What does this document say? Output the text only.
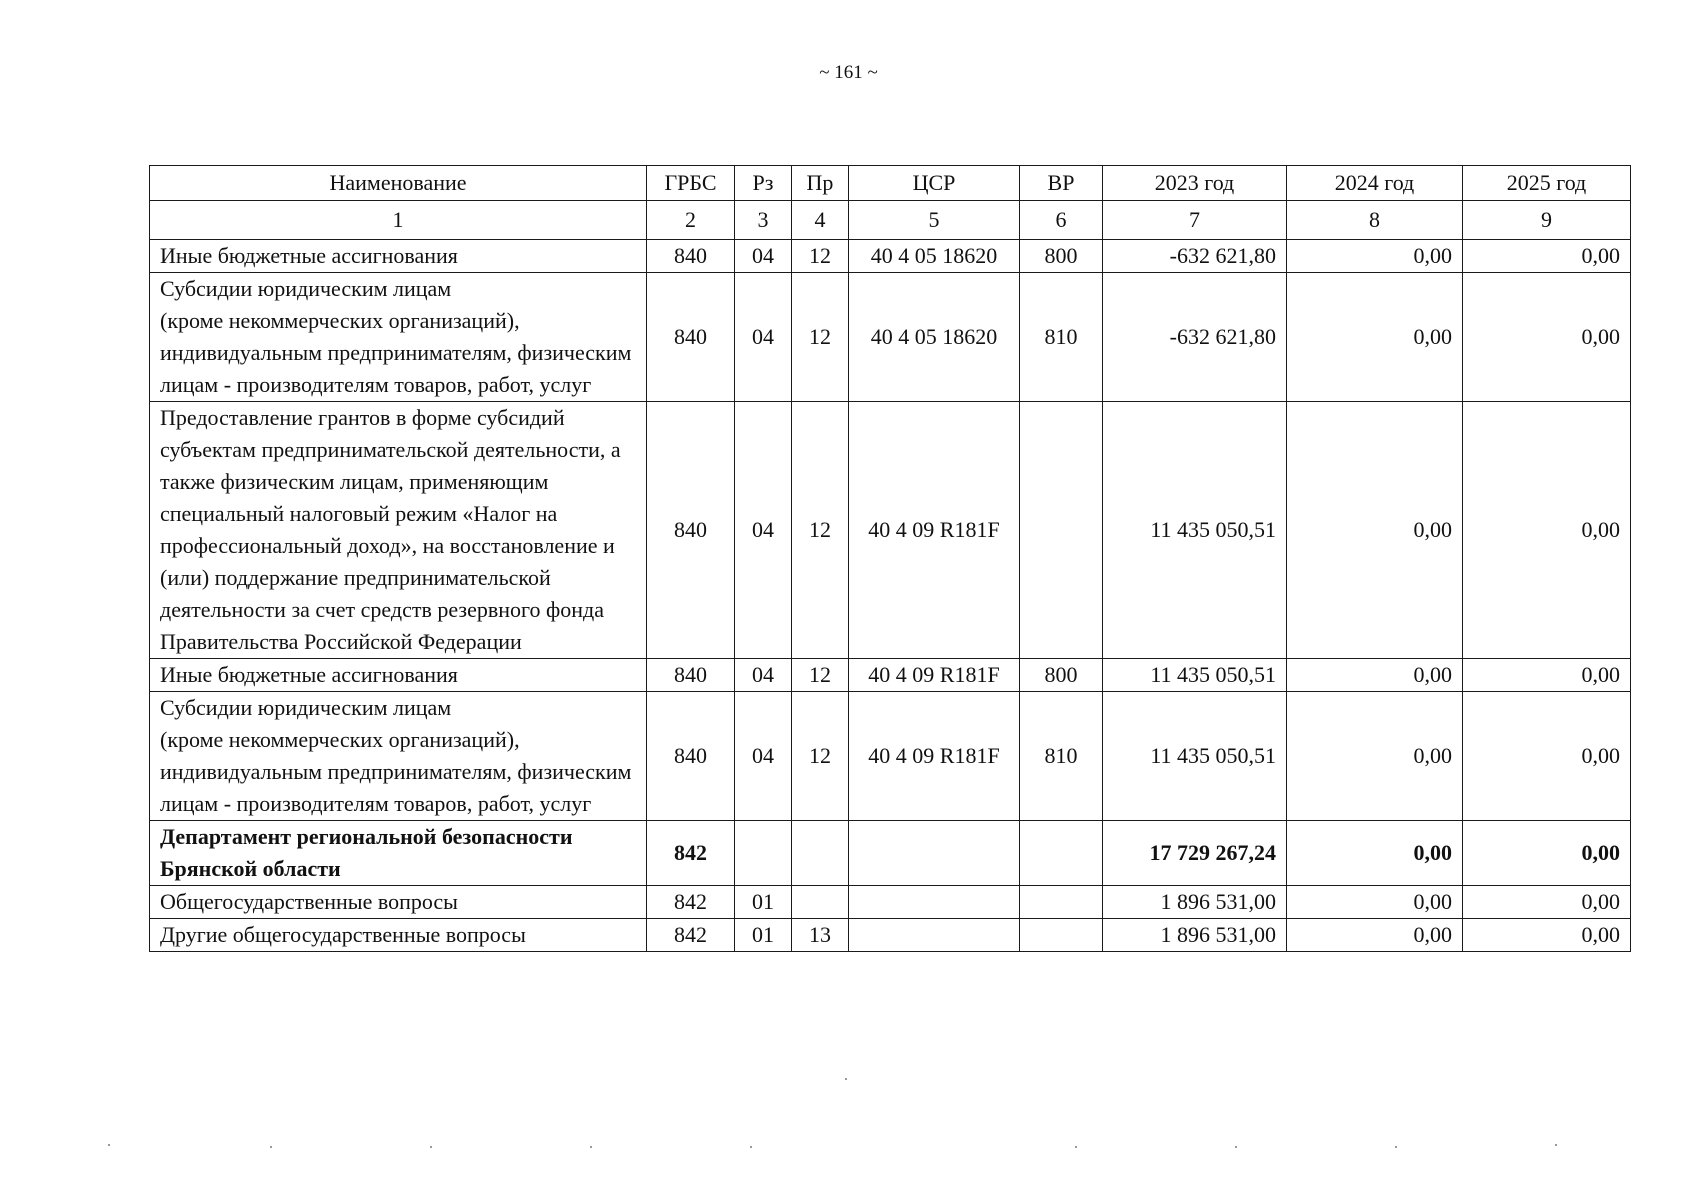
~ 161 ~
Наименование	ГРБС	Рз	Пр	ЦСР	ВР	2023 год	2024 год	2025 год
1	2	3	4	5	6	7	8	9
Иные бюджетные ассигнования	840	04	12	40 4 05 18620	800	-632 621,80	0,00	0,00
Субсидии юридическим лицам
(кроме некоммерческих организаций), индивидуальным предпринимателям, физическим лицам - производителям товаров, работ, услуг	840	04	12	40 4 05 18620	810	-632 621,80	0,00	0,00
Предоставление грантов в форме субсидий субъектам предпринимательской деятельности, а также физическим лицам, применяющим специальный налоговый режим «Налог на профессиональный доход», на восстановление и (или) поддержание предпринимательской деятельности за счет средств резервного фонда Правительства Российской Федерации	840	04	12	40 4 09 R181F		11 435 050,51	0,00	0,00
Иные бюджетные ассигнования	840	04	12	40 4 09 R181F	800	11 435 050,51	0,00	0,00
Субсидии юридическим лицам
(кроме некоммерческих организаций), индивидуальным предпринимателям, физическим лицам - производителям товаров, работ, услуг	840	04	12	40 4 09 R181F	810	11 435 050,51	0,00	0,00
Департамент региональной безопасности Брянской области	842					17 729 267,24	0,00	0,00
Общегосударственные вопросы	842	01				1 896 531,00	0,00	0,00
Другие общегосударственные вопросы	842	01	13			1 896 531,00	0,00	0,00
